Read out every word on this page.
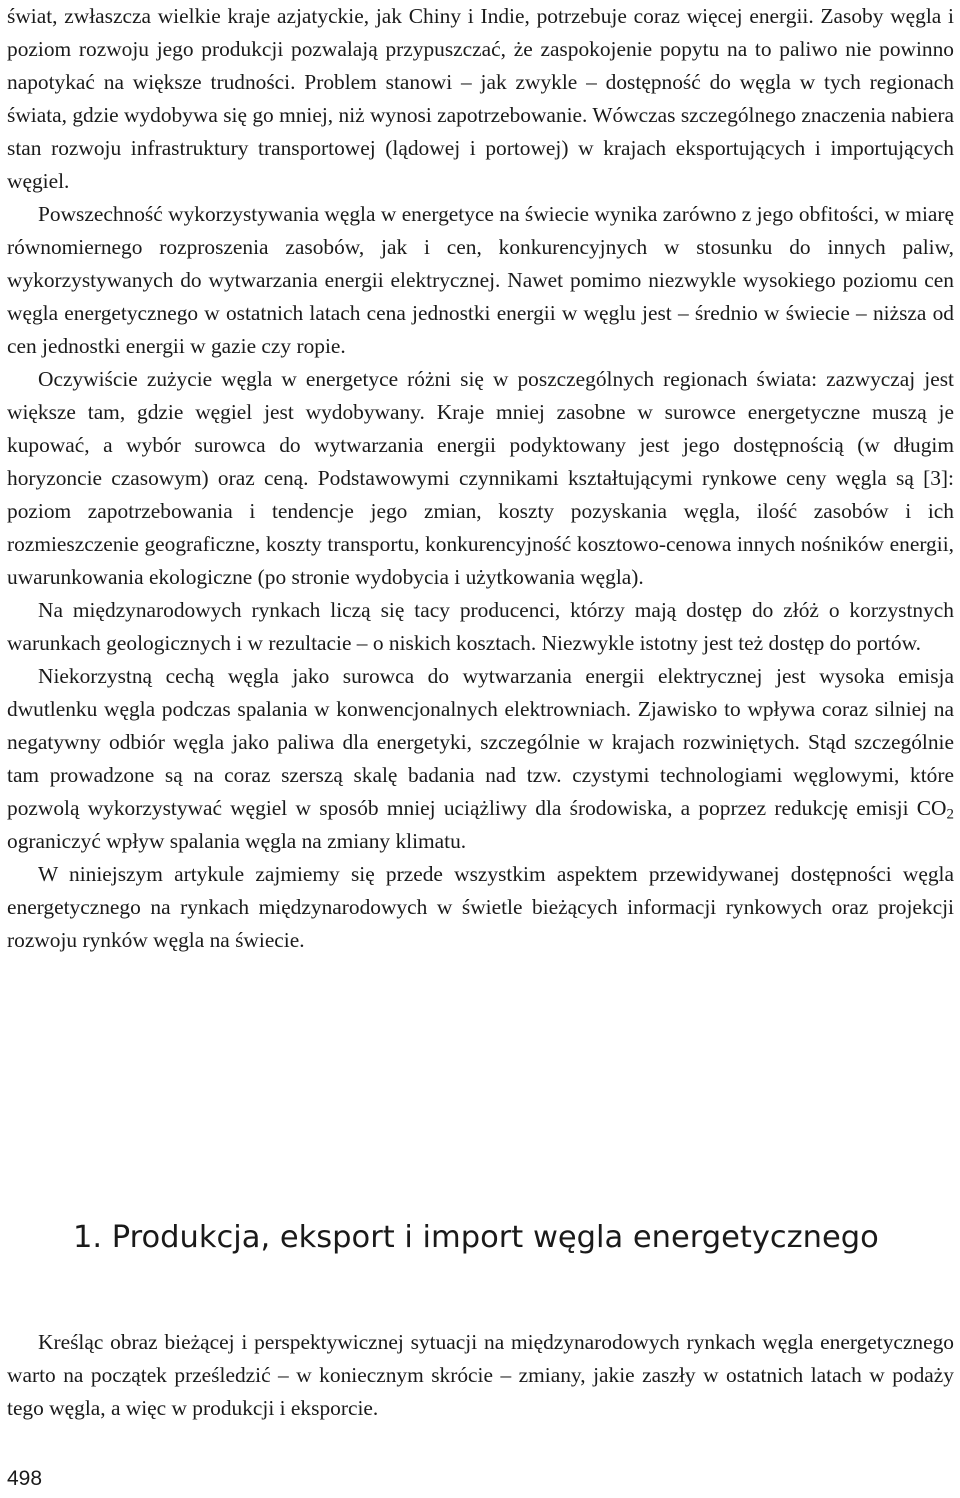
świat, zwłaszcza wielkie kraje azjatyckie, jak Chiny i Indie, potrzebuje coraz więcej energii. Zasoby węgla i poziom rozwoju jego produkcji pozwalają przypuszczać, że zaspokojenie popytu na to paliwo nie powinno napotykać na większe trudności. Problem stanowi – jak zwykle – dostępność do węgla w tych regionach świata, gdzie wydobywa się go mniej, niż wynosi zapotrzebowanie. Wówczas szczególnego znaczenia nabiera stan rozwoju infrastruktury transportowej (lądowej i portowej) w krajach eksportujących i importujących węgiel.

Powszechność wykorzystywania węgla w energetyce na świecie wynika zarówno z jego obfitości, w miarę równomiernego rozproszenia zasobów, jak i cen, konkurencyjnych w stosunku do innych paliw, wykorzystywanych do wytwarzania energii elektrycznej. Nawet pomimo niezwykle wysokiego poziomu cen węgla energetycznego w ostatnich latach cena jednostki energii w węglu jest – średnio w świecie – niższa od cen jednostki energii w gazie czy ropie.

Oczywiście zużycie węgla w energetyce różni się w poszczególnych regionach świata: zazwyczaj jest większe tam, gdzie węgiel jest wydobywany. Kraje mniej zasobne w surowce energetyczne muszą je kupować, a wybór surowca do wytwarzania energii podyktowany jest jego dostępnością (w długim horyzoncie czasowym) oraz ceną. Podstawowymi czynnikami kształtującymi rynkowe ceny węgla są [3]: poziom zapotrzebowania i tendencje jego zmian, koszty pozyskania węgla, ilość zasobów i ich rozmieszczenie geograficzne, koszty transportu, konkurencyjność kosztowo-cenowa innych nośników energii, uwarunkowania ekologiczne (po stronie wydobycia i użytkowania węgla).

Na międzynarodowych rynkach liczą się tacy producenci, którzy mają dostęp do złóż o korzystnych warunkach geologicznych i w rezultacie – o niskich kosztach. Niezwykle istotny jest też dostęp do portów.

Niekorzystną cechą węgla jako surowca do wytwarzania energii elektrycznej jest wysoka emisja dwutlenku węgla podczas spalania w konwencjonalnych elektrowniach. Zjawisko to wpływa coraz silniej na negatywny odbiór węgla jako paliwa dla energetyki, szczególnie w krajach rozwiniętych. Stąd szczególnie tam prowadzone są na coraz szerszą skalę badania nad tzw. czystymi technologiami węglowymi, które pozwolą wykorzystywać węgiel w sposób mniej uciążliwy dla środowiska, a poprzez redukcję emisji $CO_2$ ograniczyć wpływ spalania węgla na zmiany klimatu.

W niniejszym artykule zajmiemy się przede wszystkim aspektem przewidywanej dostępności węgla energetycznego na rynkach międzynarodowych w świetle bieżących informacji rynkowych oraz projekcji rozwoju rynków węgla na świecie.

1. Produkcja, eksport i import węgla energetycznego

Kreśląc obraz bieżącej i perspektywicznej sytuacji na międzynarodowych rynkach węgla energetycznego warto na początek prześledzić – w koniecznym skrócie – zmiany, jakie zaszły w ostatnich latach w podaży tego węgla, a więc w produkcji i eksporcie.

498
